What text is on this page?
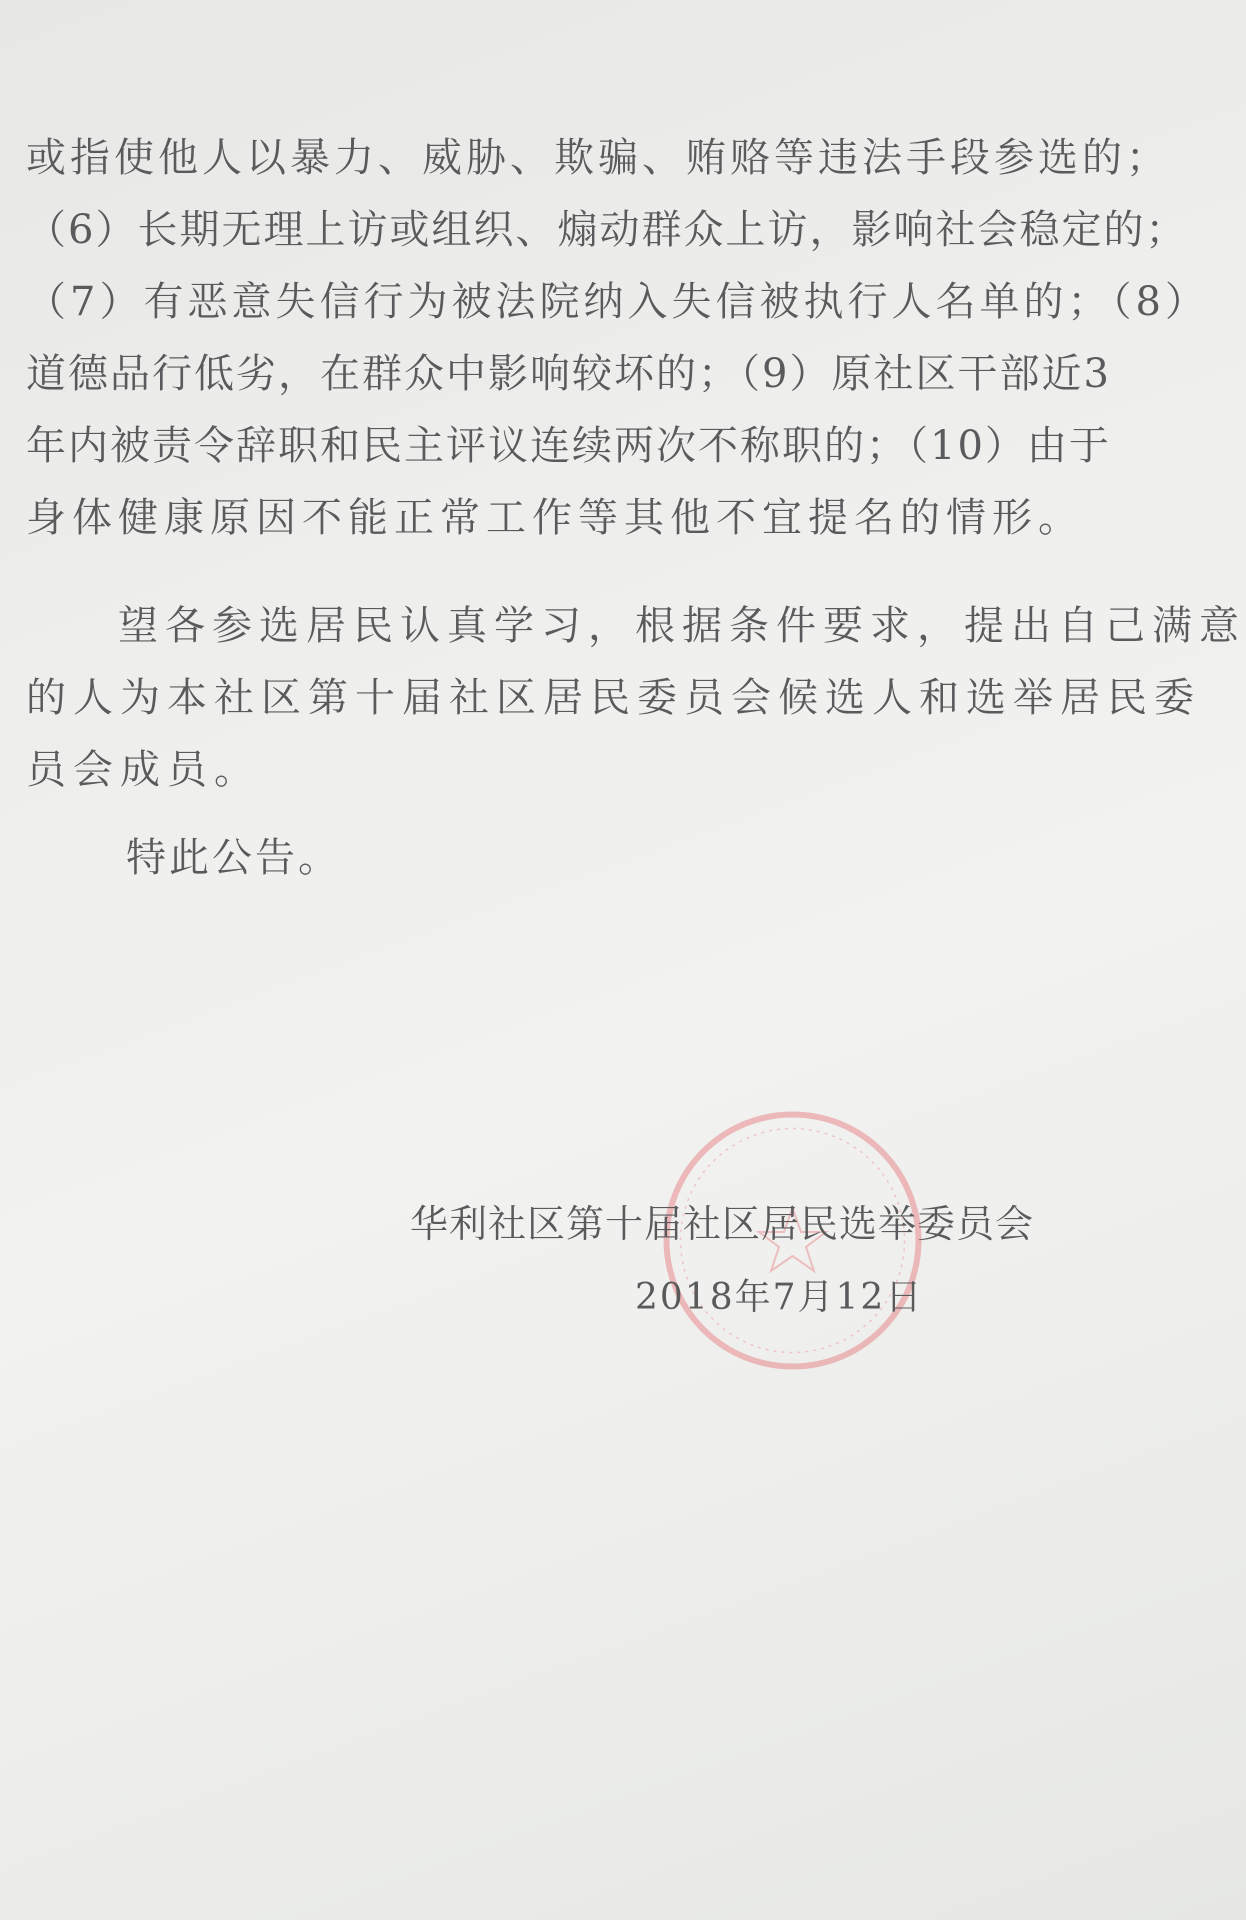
或指使他人以暴力、威胁、欺骗、贿赂等违法手段参选的；
（6）长期无理上访或组织、煽动群众上访，影响社会稳定的；
（7）有恶意失信行为被法院纳入失信被执行人名单的；（8）
道德品行低劣，在群众中影响较坏的；（9）原社区干部近3
年内被责令辞职和民主评议连续两次不称职的；（10）由于
身体健康原因不能正常工作等其他不宜提名的情形。
望各参选居民认真学习，根据条件要求，提出自己满意
的人为本社区第十届社区居民委员会候选人和选举居民委
员会成员。
特此公告。
华利社区第十届社区居民选举委员会
2018年7月12日
